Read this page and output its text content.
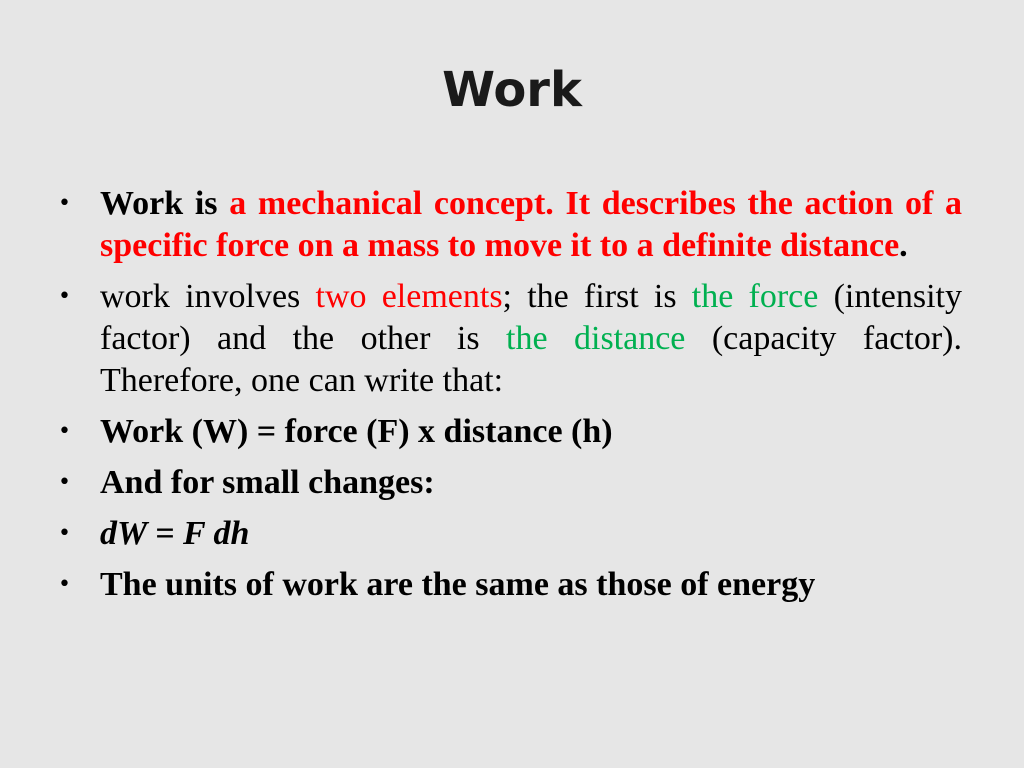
Work
• Work is a mechanical concept. It describes the action of a specific force on a mass to move it to a definite distance.
• work involves two elements; the first is the force (intensity factor) and the other is the distance (capacity factor). Therefore, one can write that:
• Work (W) = force (F) x distance (h)
• And for small changes:
• dW = F dh
• The units of work are the same as those of energy
